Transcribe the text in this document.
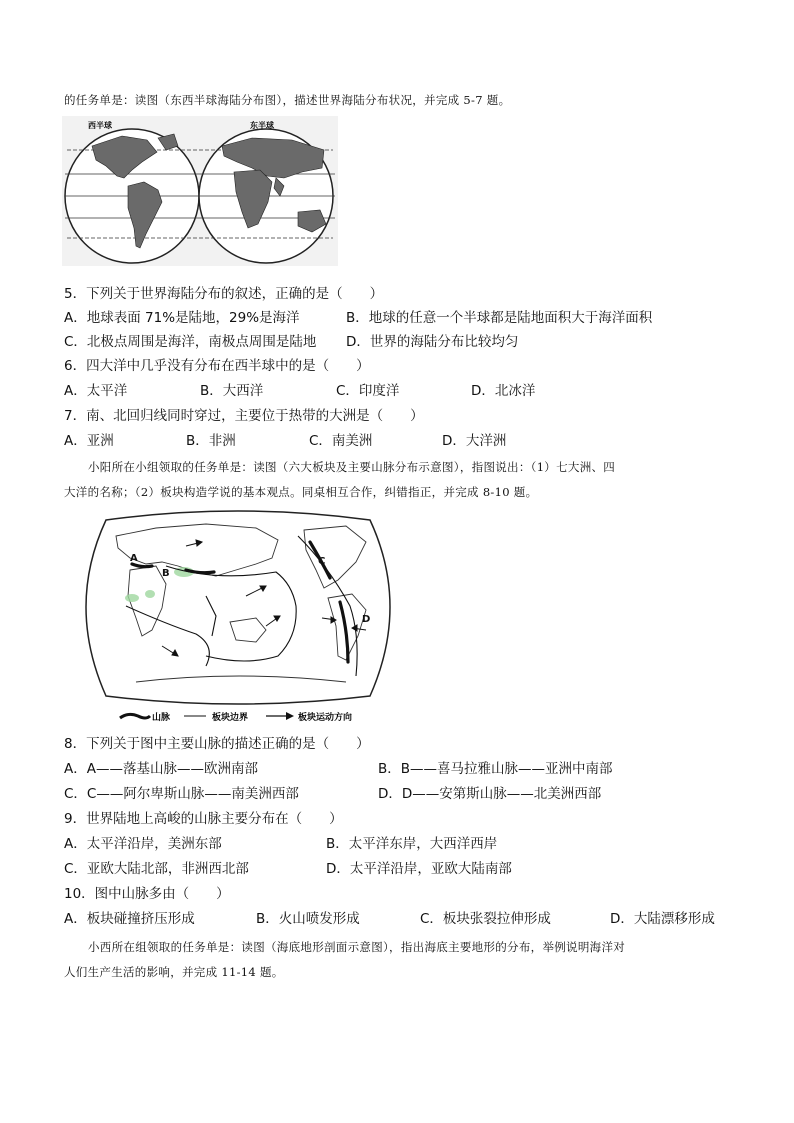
的任务单是：读图（东西半球海陆分布图），描述世界海陆分布状况，并完成 5-7 题。
西半球	东半球
5．下列关于世界海陆分布的叙述，正确的是（　　）
A．地球表面 71%是陆地，29%是海洋	B．地球的任意一个半球都是陆地面积大于海洋面积
C．北极点周围是海洋，南极点周围是陆地 D．世界的海陆分布比较均匀
6．四大洋中几乎没有分布在西半球中的是（　　）
A．太平洋	B．大西洋	C．印度洋	D．北冰洋
7．南、北回归线同时穿过，主要位于热带的大洲是（　　）
A．亚洲	B．非洲	C．南美洲	D．大洋洲
小阳所在小组领取的任务单是：读图（六大板块及主要山脉分布示意图），指图说出：（1）七大洲、四
大洋的名称；（2）板块构造学说的基本观点。同桌相互合作，纠错指正，并完成 8-10 题。
A
B
C
D
山脉	板块边界	板块运动方向
8．下列关于图中主要山脉的描述正确的是（　　）
A．A——落基山脉——欧洲南部	B．B——喜马拉雅山脉——亚洲中南部
C．C——阿尔卑斯山脉——南美洲西部	D．D——安第斯山脉——北美洲西部
9．世界陆地上高峻的山脉主要分布在（　　）
A．太平洋沿岸，美洲东部	B．太平洋东岸，大西洋西岸
C．亚欧大陆北部，非洲西北部	D．太平洋沿岸，亚欧大陆南部
10．图中山脉多由（　　）
A．板块碰撞挤压形成	B．火山喷发形成	C．板块张裂拉伸形成	D．大陆漂移形成
小西所在组领取的任务单是：读图（海底地形剖面示意图），指出海底主要地形的分布，举例说明海洋对
人们生产生活的影响，并完成 11-14 题。
